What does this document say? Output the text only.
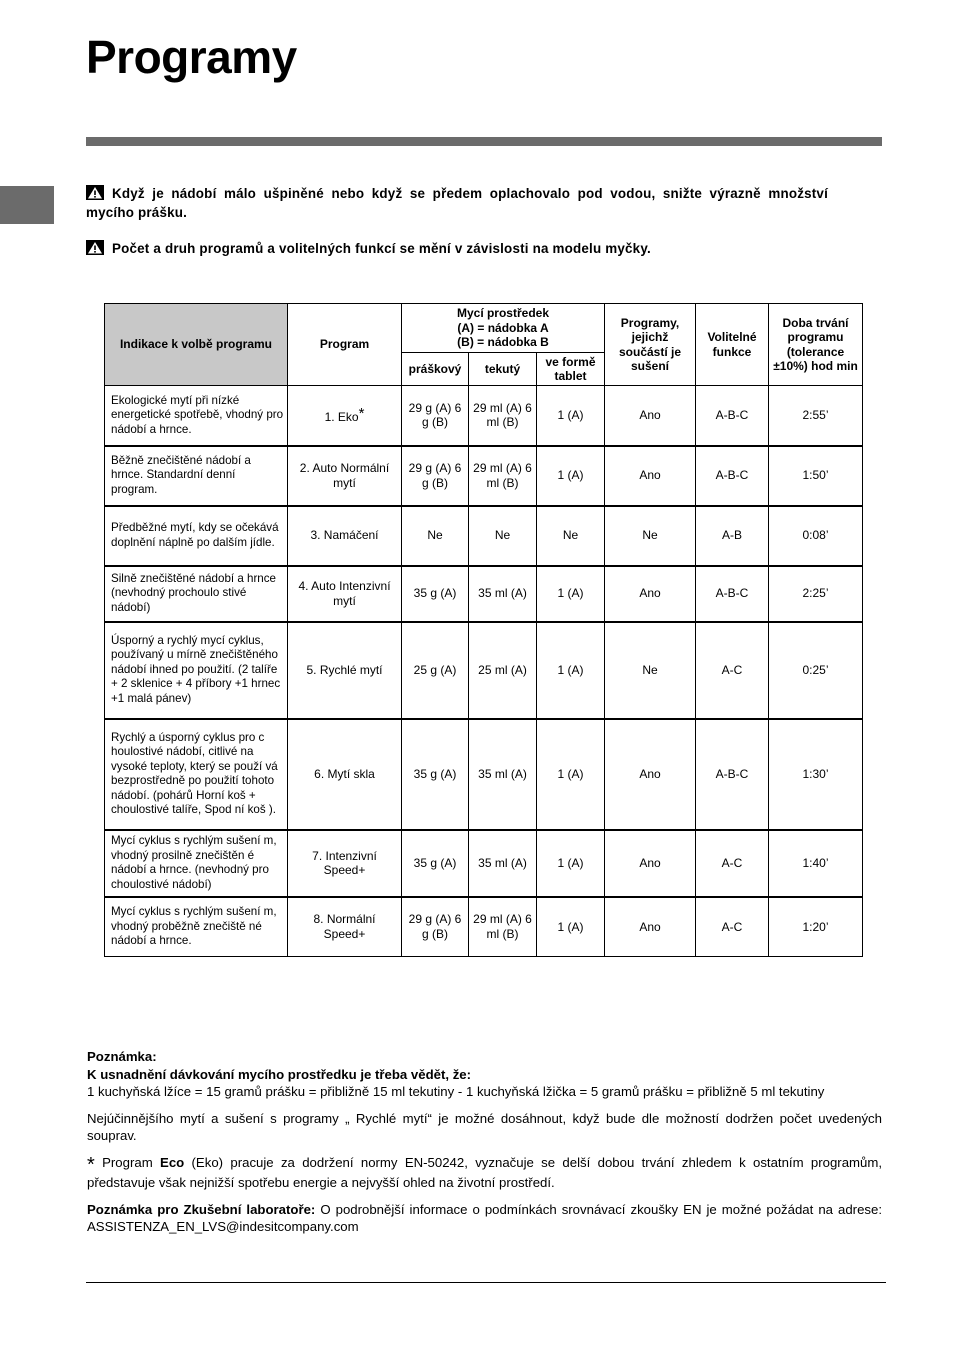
Programy
Když je nádobí málo ušpiněné nebo když se předem oplachovalo pod vodou, snižte výrazně množství mycího prášku.
Počet a druh programů a volitelných funkcí se mění v závislosti na modelu myčky.
Indikace k volbě programu	Program	Mycí prostředek
(A) = nádobka A
(B) = nádobka B			Programy, jejichž součástí je sušení	Volitelné funkce	Doba trvání programu (tolerance ±10%) hod min
		práškový	tekutý	ve formě tablet			
Ekologické mytí při nízké energetické spotřebě, vhodný pro nádobí a hrnce.	1. Eko*	29 g (A) 6 g (B)	29 ml (A) 6 ml (B)	1 (A)	Ano	A-B-C	2:55’
Běžně znečištěné nádobí a hrnce. Standardní denní program.	2. Auto Normální mytí	29 g (A) 6 g (B)	29 ml (A) 6 ml (B)	1 (A)	Ano	A-B-C	1:50’
Předběžné mytí, kdy se očekává doplnění náplně po dalším jídle.	3. Namáčení	Ne	Ne	Ne	Ne	A-B	0:08’
Silně znečištěné nádobí a hrnce (nevhodný prochoulo stivé nádobí)	4. Auto Intenzivní mytí	35 g (A)	35 ml (A)	1 (A)	Ano	A-B-C	2:25’
Úsporný a rychlý mycí cyklus, používaný u mírně znečištěného nádobí ihned po použití. (2 talíře + 2 sklenice + 4 příbory +1 hrnec +1 malá pánev)	5. Rychlé mytí	25 g (A)	25 ml (A)	1 (A)	Ne	A-C	0:25’
Rychlý a úsporný cyklus pro c houlostivé nádobí, citlivé na vysoké teploty, který se použí vá bezprostředně po použití tohoto nádobí. (pohárů Horní koš + choulostivé talíře, Spod ní koš ).	6. Mytí skla	35 g (A)	35 ml (A)	1 (A)	Ano	A-B-C	1:30’
Mycí cyklus s rychlým sušení m, vhodný prosilně znečištěn é nádobí a hrnce. (nevhodný pro choulostivé nádobí)	7. Intenzivní Speed+	35 g (A)	35 ml (A)	1 (A)	Ano	A-C	1:40’
Mycí cyklus s rychlým sušení m, vhodný proběžně znečiště né nádobí a hrnce.	8. Normální Speed+	29 g (A) 6 g (B)	29 ml (A) 6 ml (B)	1 (A)	Ano	A-C	1:20’

Poznámka:

K usnadnění dávkování mycího prostředku je třeba vědět, že:

1 kuchyňská lžíce = 15 gramů prášku = přibližně 15 ml tekutiny - 1 kuchyňská lžička = 5 gramů prášku = přibližně 5 ml tekutiny

Nejúčinnějšího mytí a sušení s programy „ Rychlé mytí“ je možné dosáhnout, když bude dle možností dodržen počet uvedených souprav.

* Program Eco (Eko) pracuje za dodržení normy EN-50242, vyznačuje se delší dobou trvání zhledem k ostatním programům, představuje však nejnižší spotřebu energie a nejvyšší ohled na životní prostředí.

Poznámka pro Zkušební laboratoře: O podrobnější informace o podmínkách srovnávací zkoušky EN je možné požádat na adrese: ASSISTENZA_EN_LVS@indesitcompany.com
